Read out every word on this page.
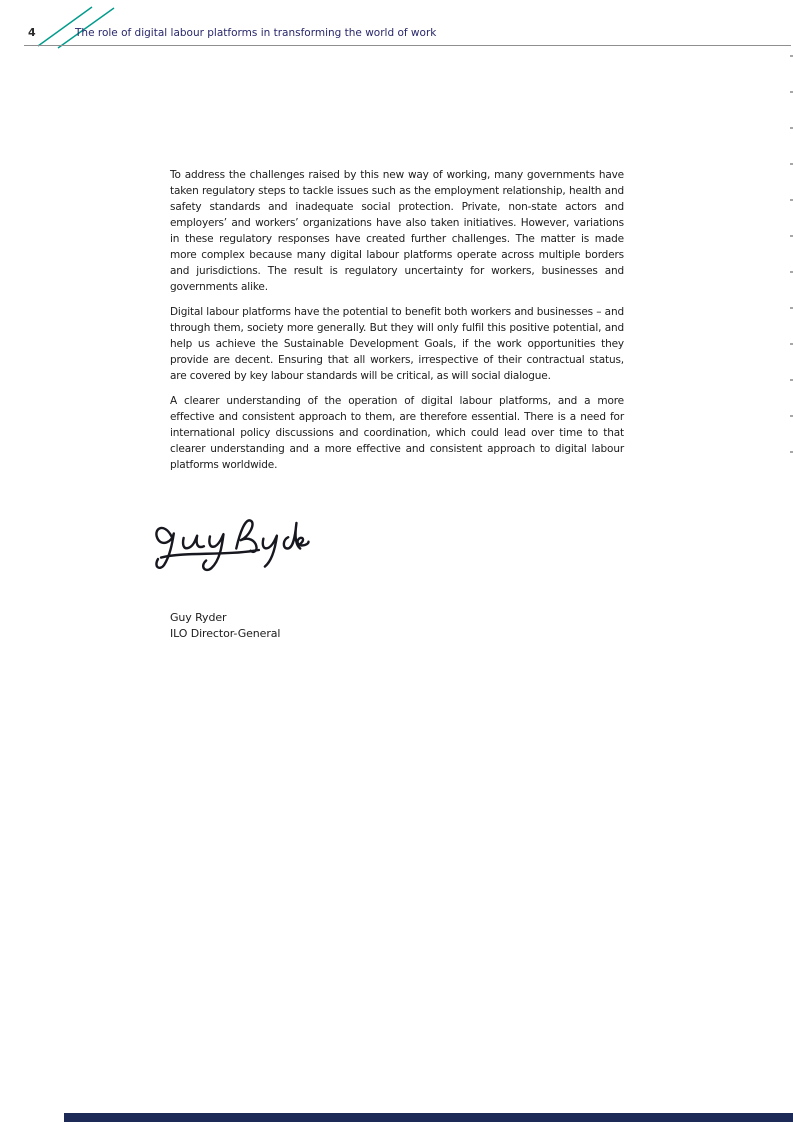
4	The role of digital labour platforms in transforming the world of work

To address the challenges raised by this new way of working, many governments have taken regulatory steps to tackle issues such as the employment relationship, health and safety standards and inadequate social protection. Private, non-state actors and employers’ and workers’ organizations have also taken initiatives. However, variations in these regulatory responses have created further challenges. The matter is made more complex because many digital labour platforms operate across multiple borders and jurisdictions. The result is regulatory uncertainty for workers, businesses and governments alike.

Digital labour platforms have the potential to benefit both workers and businesses – and through them, society more generally. But they will only fulfil this positive potential, and help us achieve the Sustainable Development Goals, if the work opportunities they provide are decent. Ensuring that all workers, irrespective of their contractual status, are covered by key labour standards will be critical, as will social dialogue.

A clearer understanding of the operation of digital labour platforms, and a more effective and consistent approach to them, are therefore essential. There is a need for international policy discussions and coordination, which could lead over time to that clearer understanding and a more effective and consistent approach to digital labour platforms worldwide.

Guy Ryder
ILO Director-General
